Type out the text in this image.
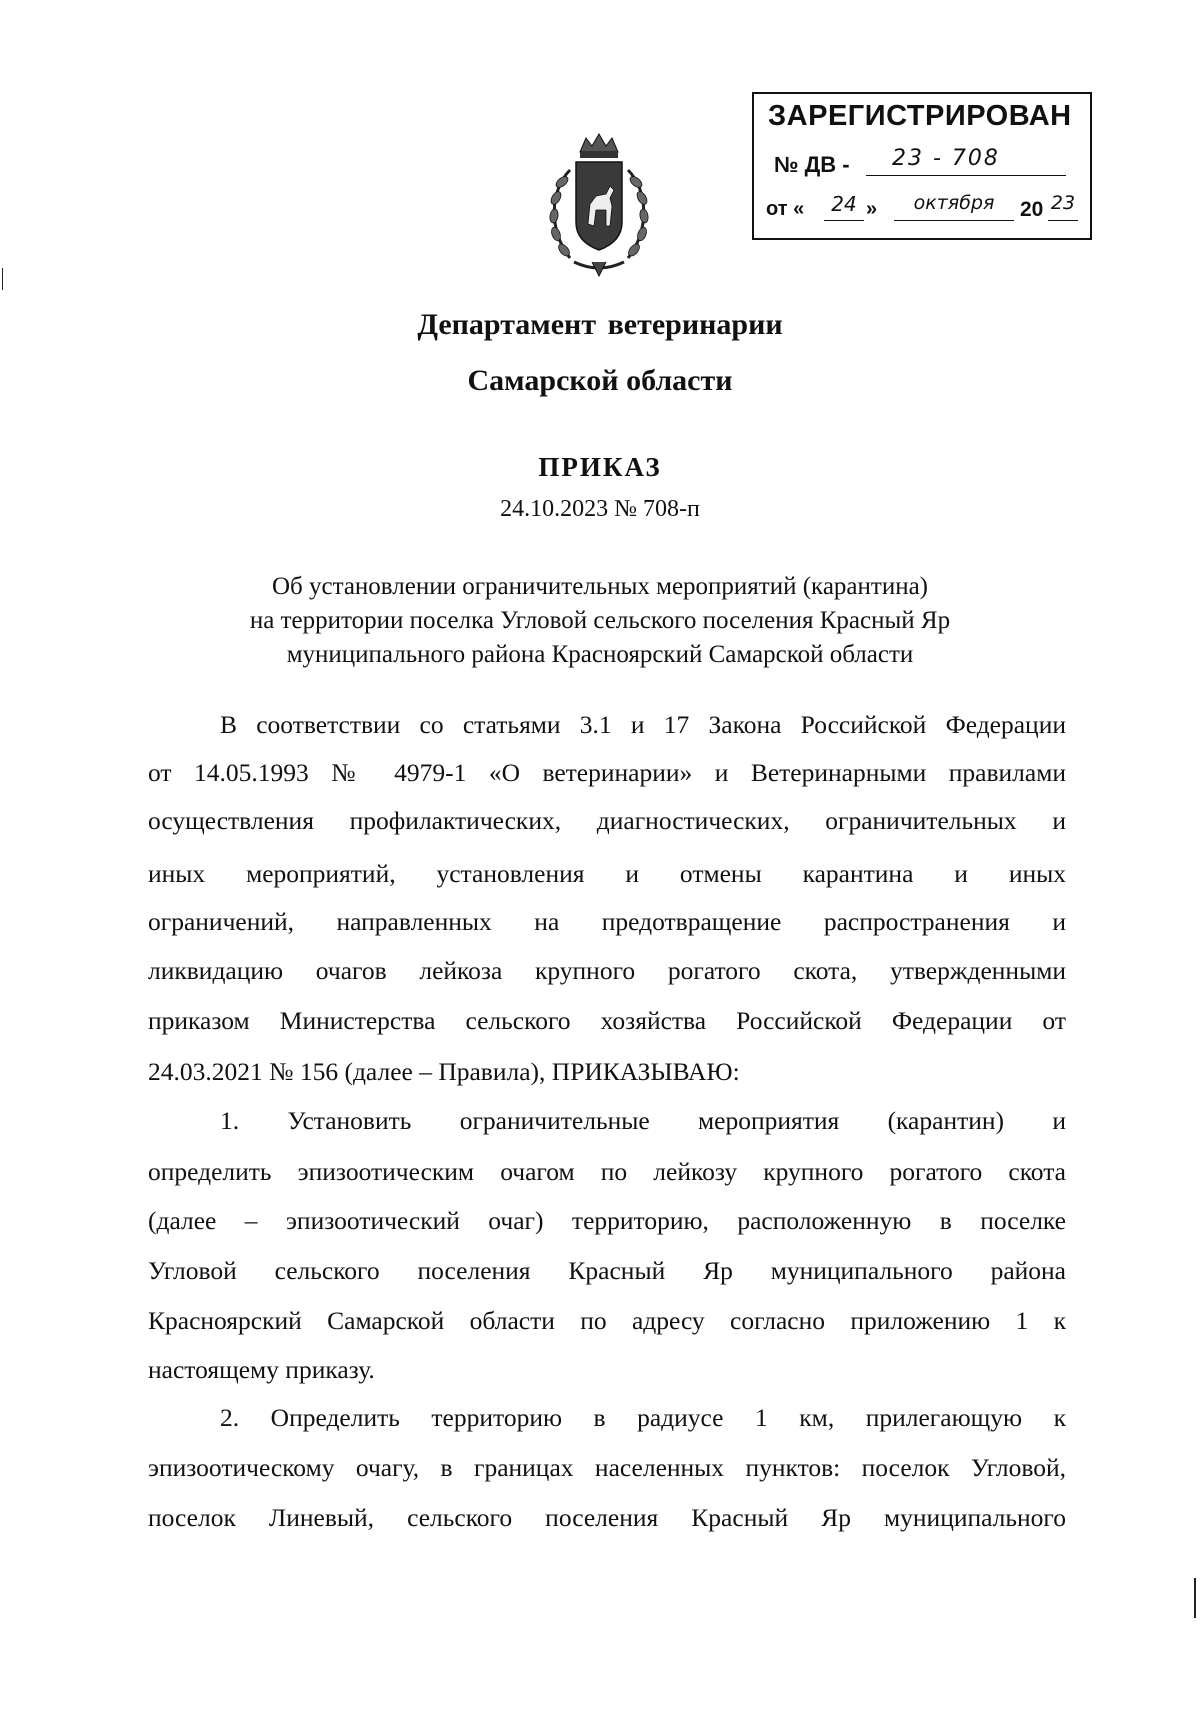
ЗАРЕГИСТРИРОВАН
№ ДВ -	23 - 708
от «	24 »	октября	20 23
Департамент ветеринарии
Самарской области
ПРИКАЗ
24.10.2023 № 708-п
Об установлении ограничительных мероприятий (карантина)
на территории поселка Угловой сельского поселения Красный Яр
муниципального района Красноярский Самарской области
В соответствии со статьями 3.1 и 17 Закона Российской Федерации
от 14.05.1993 № 4979-1 «О ветеринарии» и Ветеринарными правилами
осуществления профилактических, диагностических, ограничительных и
иных мероприятий, установления и отмены карантина и иных
ограничений, направленных на предотвращение распространения и
ликвидацию очагов лейкоза крупного рогатого скота, утвержденными
приказом Министерства сельского хозяйства Российской Федерации от
24.03.2021 № 156 (далее – Правила), ПРИКАЗЫВАЮ:
1. Установить ограничительные мероприятия (карантин) и
определить эпизоотическим очагом по лейкозу крупного рогатого скота
(далее – эпизоотический очаг) территорию, расположенную в поселке
Угловой сельского поселения Красный Яр муниципального района
Красноярский Самарской области по адресу согласно приложению 1 к
настоящему приказу.
2. Определить территорию в радиусе 1 км, прилегающую к
эпизоотическому очагу, в границах населенных пунктов: поселок Угловой,
поселок Линевый, сельского поселения Красный Яр муниципального
